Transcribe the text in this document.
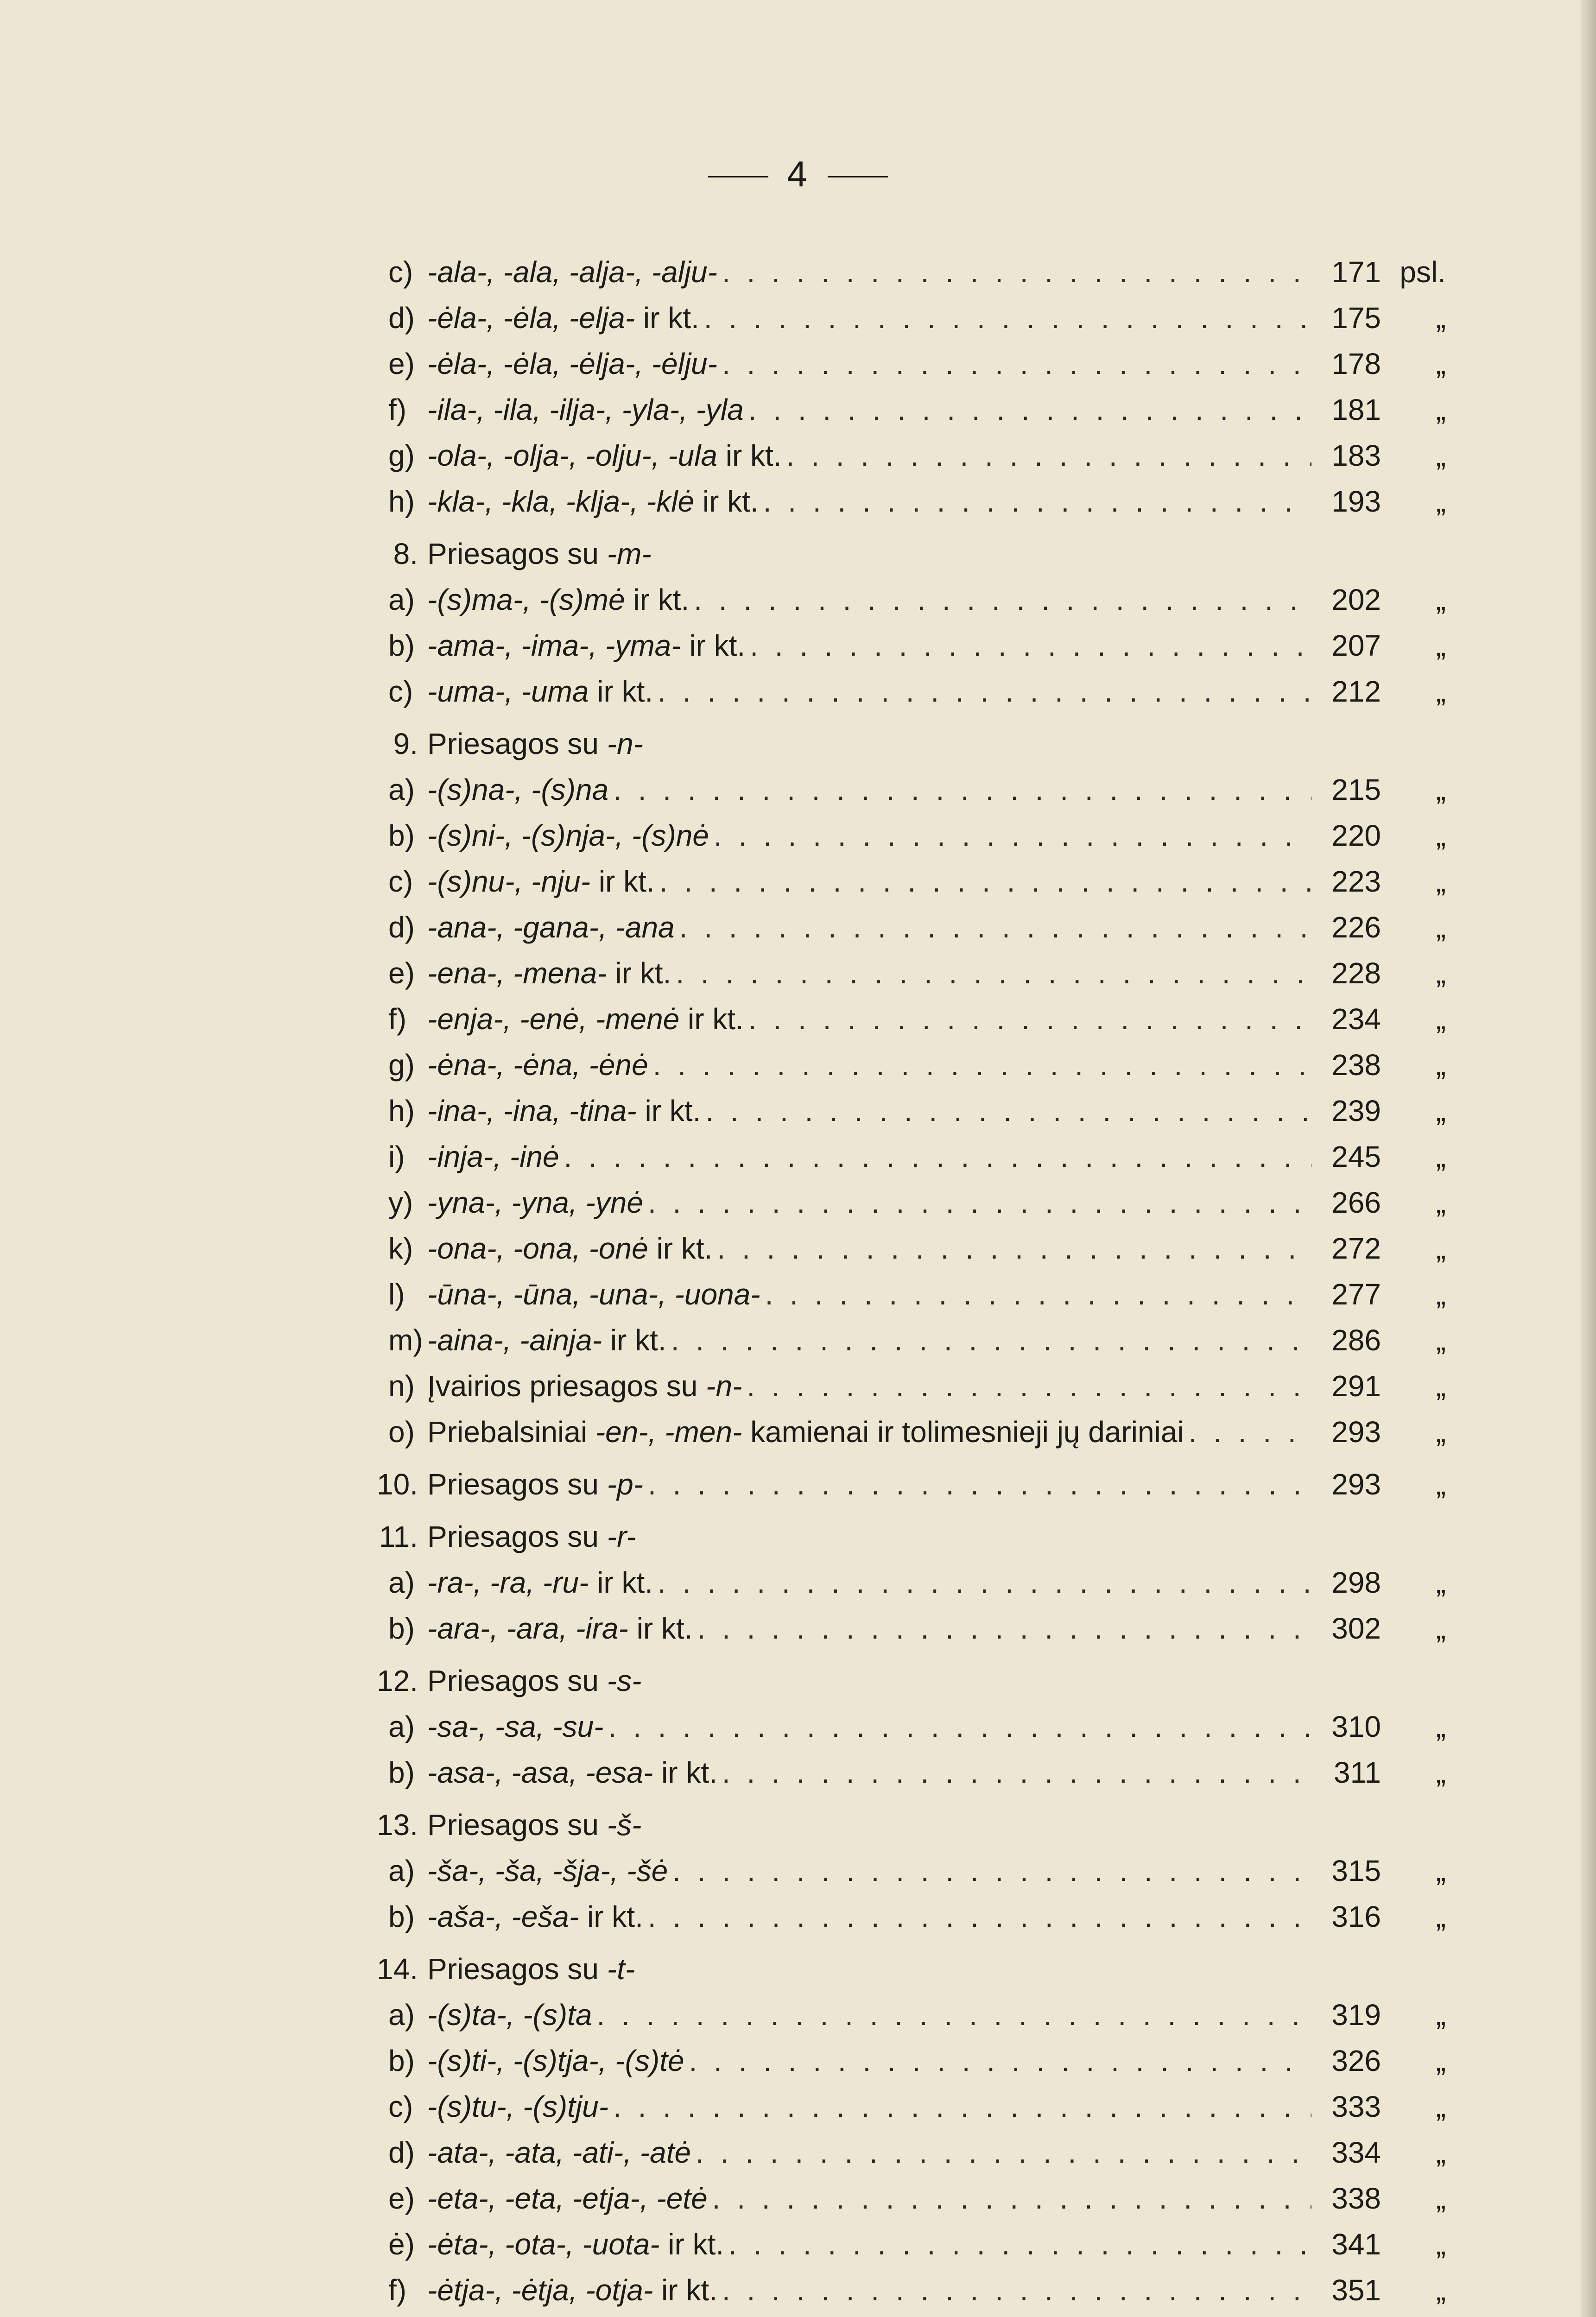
4
c) -ala-, -ala, -alja-, -alju- . . .	171 psl.
d) -ėla-, -ėla, -elja- ir kt. . . .	175	„
e) -ėla-, -ėla, -ėlja-, -ėlju- . . .	178	„
f) -ila-, -ila, -ilja-, -yla-, -yla . . .	181	„
g) -ola-, -olja-, -olju-, -ula ir kt. . . .	183	„
h) -kla-, -kla, -klja-, -klė ir kt. . . .	193	„
8. Priesagos su -m-
a) -(s)ma-, -(s)mė ir kt. . . .	202	„
b) -ama-, -ima-, -yma- ir kt. . . .	207	„
c) -uma-, -uma ir kt. . . .	212	„
9. Priesagos su -n-
a) -(s)na-, -(s)na . . .	215	„
b) -(s)ni-, -(s)nja-, -(s)nė . . .	220	„
c) -(s)nu-, -nju- ir kt. . . .	223	„
d) -ana-, -gana-, -ana . . .	226	„
e) -ena-, -mena- ir kt. . . .	228	„
f) -enja-, -enė, -menė ir kt. . . .	234	„
g) -ėna-, -ėna, -ėnė . . .	238	„
h) -ina-, -ina, -tina- ir kt. . . .	239	„
i) -inja-, -inė . . .	245	„
y) -yna-, -yna, -ynė . . .	266	„
k) -ona-, -ona, -onė ir kt. . . .	272	„
l) -ūna-, -ūna, -una-, -uona- . . .	277	„
m) -aina-, -ainja- ir kt. . . .	286	„
n) Įvairios priesagos su -n- . . .	291	„
o) Priebalsiniai -en-, -men- kamienai ir tolimesnieji jų dariniai . . .	293	„
10. Priesagos su -p- . . .	293	„
11. Priesagos su -r-
a) -ra-, -ra, -ru- ir kt. . . .	298	„
b) -ara-, -ara, -ira- ir kt. . . .	302	„
12. Priesagos su -s-
a) -sa-, -sa, -su- . . .	310	„
b) -asa-, -asa, -esa- ir kt. . . .	311	„
13. Priesagos su -š-
a) -ša-, -ša, -šja-, -šė . . .	315	„
b) -aša-, -eša- ir kt. . . .	316	„
14. Priesagos su -t-
a) -(s)ta-, -(s)ta . . .	319	„
b) -(s)ti-, -(s)tja-, -(s)tė . . .	326	„
c) -(s)tu-, -(s)tju- . . .	333	„
d) -ata-, -ata, -ati-, -atė . . .	334	„
e) -eta-, -eta, -etja-, -etė . . .	338	„
ė) -ėta-, -ota-, -uota- ir kt. . . .	341	„
f) -ėtja-, -ėtja, -otja- ir kt. . . .	351	„
